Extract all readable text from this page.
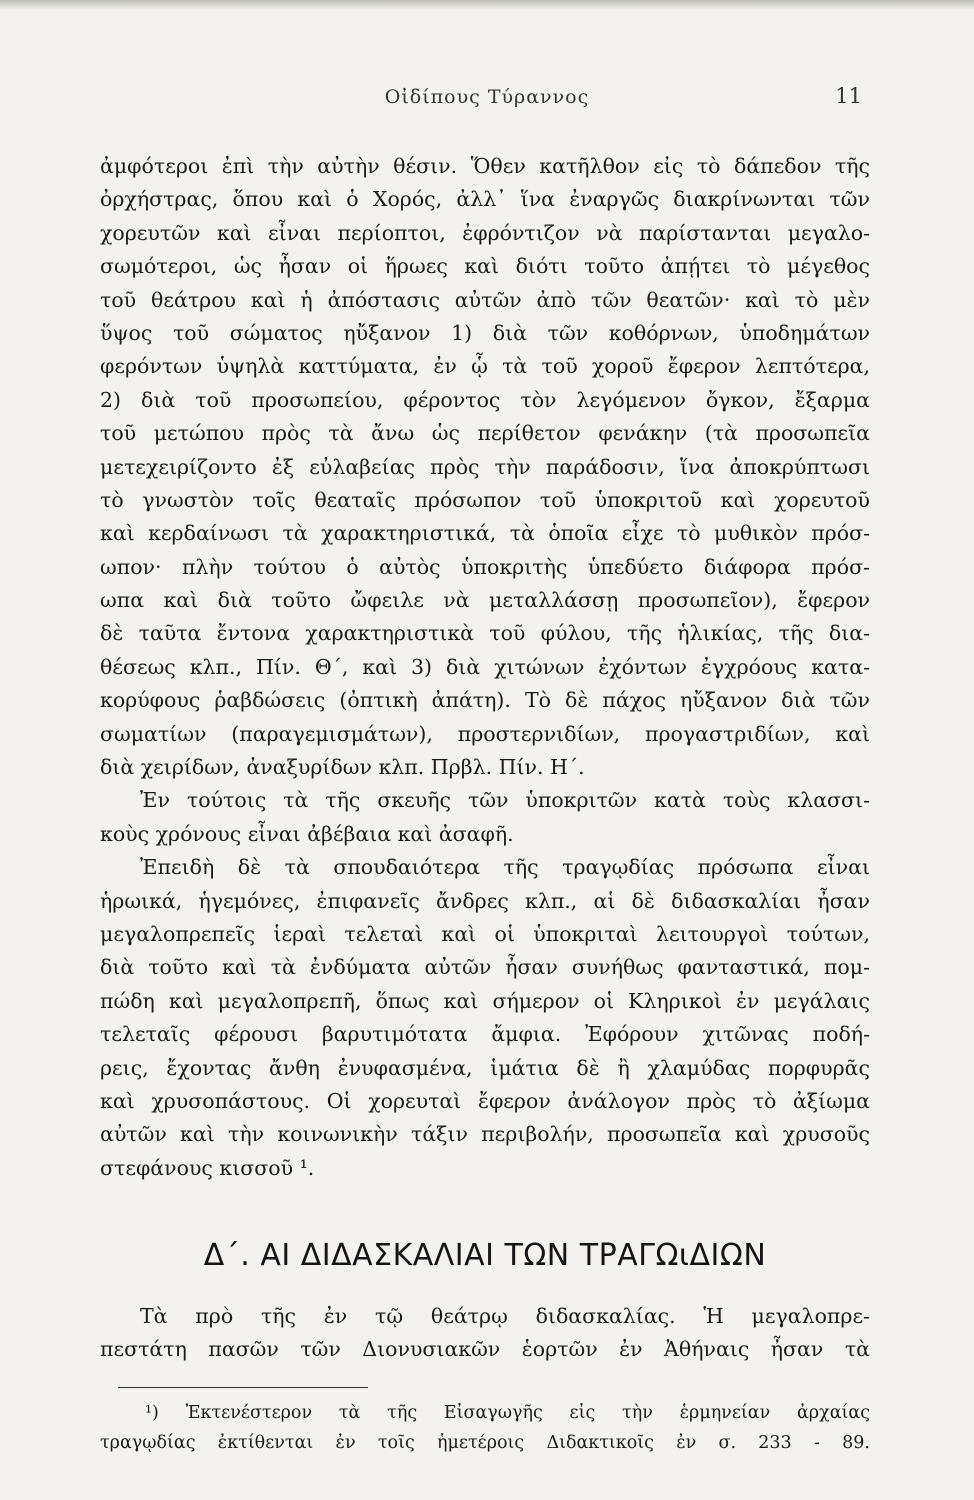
Οἰδίπους Τύραννος	11
ἀμφότεροι ἐπὶ τὴν αὐτὴν θέσιν. Ὅθεν κατῆλθον εἰς τὸ δάπεδον τῆς
ὀρχήστρας, ὅπου καὶ ὁ Χορός, ἀλλ᾿ ἵνα ἐναργῶς διακρίνωνται τῶν
χορευτῶν καὶ εἶναι περίοπτοι, ἐφρόντιζον νὰ παρίστανται μεγαλο-
σωμότεροι, ὡς ἦσαν οἱ ἥρωες καὶ διότι τοῦτο ἀπῄτει τὸ μέγεθος
τοῦ θεάτρου καὶ ἡ ἀπόστασις αὐτῶν ἀπὸ τῶν θεατῶν· καὶ τὸ μὲν
ὕψος τοῦ σώματος ηὔξανον 1) διὰ τῶν κοθόρνων, ὑποδημάτων
φερόντων ὑψηλὰ καττύματα, ἐν ᾧ τὰ τοῦ χοροῦ ἔφερον λεπτότερα,
2) διὰ τοῦ προσωπείου, φέροντος τὸν λεγόμενον ὄγκον, ἔξαρμα
τοῦ μετώπου πρὸς τὰ ἄνω ὡς περίθετον φενάκην (τὰ προσωπεῖα
μετεχειρίζοντο ἐξ εὐλαβείας πρὸς τὴν παράδοσιν, ἵνα ἀποκρύπτωσι
τὸ γνωστὸν τοῖς θεαταῖς πρόσωπον τοῦ ὑποκριτοῦ καὶ χορευτοῦ
καὶ κερδαίνωσι τὰ χαρακτηριστικά, τὰ ὁποῖα εἶχε τὸ μυθικὸν πρόσ-
ωπον· πλὴν τούτου ὁ αὐτὸς ὑποκριτὴς ὑπεδύετο διάφορα πρόσ-
ωπα καὶ διὰ τοῦτο ὤφειλε νὰ μεταλλάσσῃ προσωπεῖον), ἔφερον
δὲ ταῦτα ἔντονα χαρακτηριστικὰ τοῦ φύλου, τῆς ἡλικίας, τῆς δια-
θέσεως κλπ., Πίν. Θ´, καὶ 3) διὰ χιτώνων ἐχόντων ἐγχρόους κατα-
κορύφους ῥαβδώσεις (ὀπτικὴ ἀπάτη). Τὸ δὲ πάχος ηὔξανον διὰ τῶν
σωματίων (παραγεμισμάτων), προστερνιδίων, προγαστριδίων, καὶ
διὰ χειρίδων, ἀναξυρίδων κλπ. Πρβλ. Πίν. Η´.
Ἐν τούτοις τὰ τῆς σκευῆς τῶν ὑποκριτῶν κατὰ τοὺς κλασσι-
κοὺς χρόνους εἶναι ἀβέβαια καὶ ἀσαφῆ.
Ἐπειδὴ δὲ τὰ σπουδαιότερα τῆς τραγῳδίας πρόσωπα εἶναι
ἡρωικά, ἡγεμόνες, ἐπιφανεῖς ἄνδρες κλπ., αἱ δὲ διδασκαλίαι ἦσαν
μεγαλοπρεπεῖς ἱεραὶ τελεταὶ καὶ οἱ ὑποκριταὶ λειτουργοὶ τούτων,
διὰ τοῦτο καὶ τὰ ἐνδύματα αὐτῶν ἦσαν συνήθως φανταστικά, πομ-
πώδη καὶ μεγαλοπρεπῆ, ὅπως καὶ σήμερον οἱ Κληρικοὶ ἐν μεγάλαις
τελεταῖς φέρουσι βαρυτιμότατα ἄμφια. Ἐφόρουν χιτῶνας ποδή-
ρεις, ἔχοντας ἄνθη ἐνυφασμένα, ἱμάτια δὲ ἢ χλαμύδας πορφυρᾶς
καὶ χρυσοπάστους. Οἱ χορευταὶ ἔφερον ἀνάλογον πρὸς τὸ ἀξίωμα
αὐτῶν καὶ τὴν κοινωνικὴν τάξιν περιβολήν, προσωπεῖα καὶ χρυσοῦς
στεφάνους κισσοῦ ¹.
Δ´. ΑΙ ΔΙΔΑΣΚΑΛΙΑΙ ΤΩΝ ΤΡΑΓΩιΔΙΩΝ
Τὰ πρὸ τῆς ἐν τῷ θεάτρῳ διδασκαλίας. Ἡ μεγαλοπρε-
πεστάτη πασῶν τῶν Διονυσιακῶν ἑορτῶν ἐν Ἀθήναις ἦσαν τὰ
¹) Ἐκτενέστερον τὰ τῆς Εἰσαγωγῆς εἰς τὴν ἑρμηνείαν ἀρχαίας
τραγῳδίας ἐκτίθενται ἐν τοῖς ἡμετέροις Διδακτικοῖς ἐν σ. 233 - 89.
